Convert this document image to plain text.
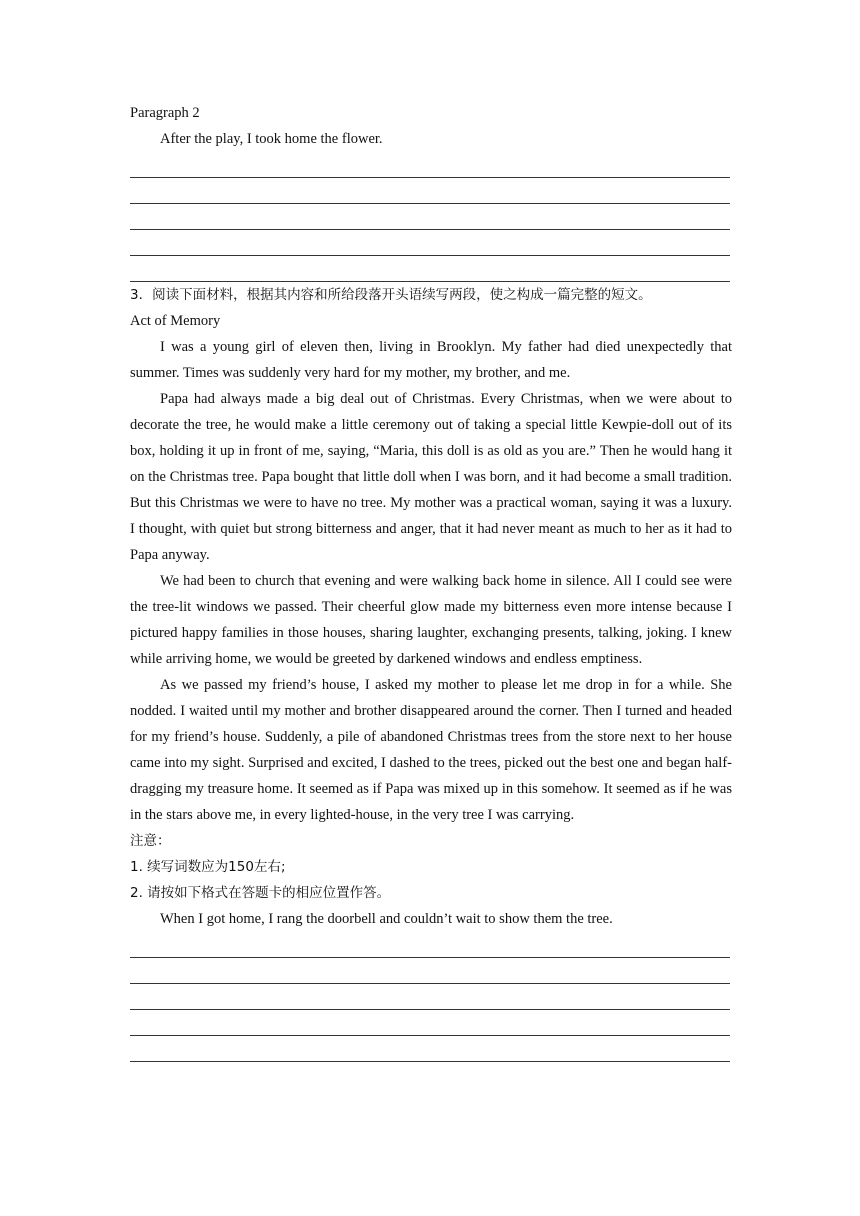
Paragraph 2

After the play, I took home the flower.

3．阅读下面材料，根据其内容和所给段落开头语续写两段，使之构成一篇完整的短文。

Act of Memory

I was a young girl of eleven then, living in Brooklyn. My father had died unexpectedly that summer. Times was suddenly very hard for my mother, my brother, and me.

Papa had always made a big deal out of Christmas. Every Christmas, when we were about to decorate the tree, he would make a little ceremony out of taking a special little Kewpie-doll out of its box, holding it up in front of me, saying, “Maria, this doll is as old as you are.” Then he would hang it on the Christmas tree. Papa bought that little doll when I was born, and it had become a small tradition. But this Christmas we were to have no tree. My mother was a practical woman, saying it was a luxury. I thought, with quiet but strong bitterness and anger, that it had never meant as much to her as it had to Papa anyway.

We had been to church that evening and were walking back home in silence. All I could see were the tree-lit windows we passed. Their cheerful glow made my bitterness even more intense because I pictured happy families in those houses, sharing laughter, exchanging presents, talking, joking. I knew while arriving home, we would be greeted by darkened windows and endless emptiness.

As we passed my friend’s house, I asked my mother to please let me drop in for a while. She nodded. I waited until my mother and brother disappeared around the corner. Then I turned and headed for my friend’s house. Suddenly, a pile of abandoned Christmas trees from the store next to her house came into my sight. Surprised and excited, I dashed to the trees, picked out the best one and began half-dragging my treasure home. It seemed as if Papa was mixed up in this somehow. It seemed as if he was in the stars above me, in every lighted-house, in the very tree I was carrying.

注意：

1. 续写词数应为150左右;

2. 请按如下格式在答题卡的相应位置作答。

When I got home, I rang the doorbell and couldn’t wait to show them the tree.
